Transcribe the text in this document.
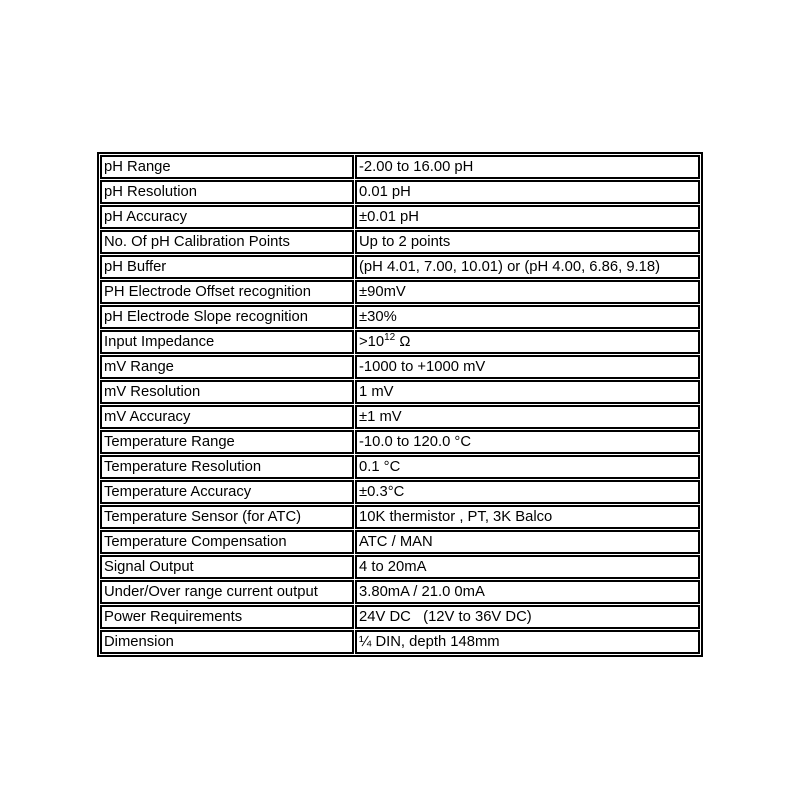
pH Range	-2.00 to 16.00 pH
pH Resolution	0.01 pH
pH Accuracy	±0.01 pH
No. Of pH Calibration Points	Up to 2 points
pH Buffer	(pH 4.01, 7.00, 10.01) or (pH 4.00, 6.86, 9.18)
PH Electrode Offset recognition	±90mV
pH Electrode Slope recognition	±30%
Input Impedance	$>10^{12}$ Ω
mV Range	-1000 to +1000 mV
mV Resolution	1 mV
mV Accuracy	±1 mV
Temperature Range	-10.0 to 120.0 °C
Temperature Resolution	0.1 °C
Temperature Accuracy	±0.3°C
Temperature Sensor (for ATC)	10K thermistor , PT, 3K Balco
Temperature Compensation	ATC / MAN
Signal Output	4 to 20mA
Under/Over range current output	3.80mA / 21.0 0mA
Power Requirements	24V DC   (12V to 36V DC)
Dimension	¼ DIN, depth 148mm
